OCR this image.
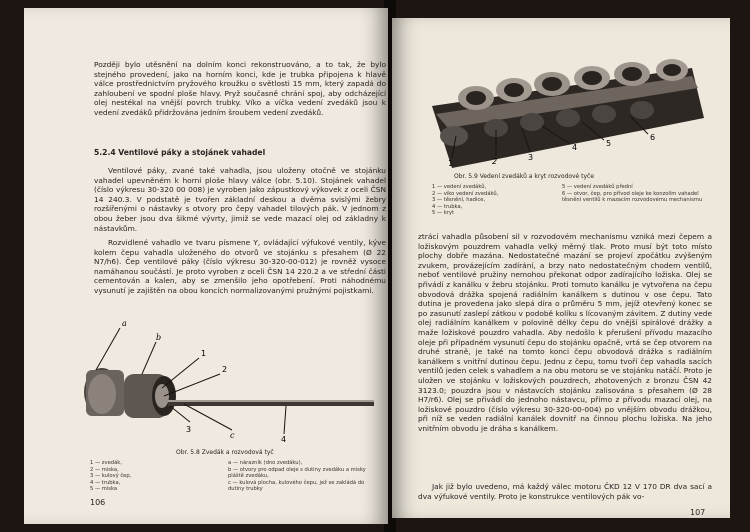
Později bylo utěsnění na dolním konci rekonstruováno, a to tak, že bylo stejného provedení, jako na horním konci, kde je trubka připojena k hlavě válce prostřednictvím pryžového kroužku o světlosti 15 mm, který zapadá do zahloubení ve spodní ploše hlavy. Pryž současně chrání spoj, aby odcházející olej nestékal na vnější povrch trubky. Víko a víčka vedení zvedáků jsou k vedení zvedáků přidržována jedním šroubem vedení zvedáků.
5.2.4 Ventilové páky a stojánek vahadel
Ventilové páky, zvané také vahadla, jsou uloženy otočně ve stojánku vahadel upevněném k horní ploše hlavy válce (obr. 5.10). Stojánek vahadel (číslo výkresu 30-320 00 008) je vyroben jako zápustkový výkovek z oceli ČSN 14 240.3. V podstatě je tvořen základní deskou a dvěma svislými žebry rozšířenými o nástavky s otvory pro čepy vahadel tilových pák. V jednom z obou žeber jsou dva šikmé vývrty, jimiž se vede mazací olej od základny k nástavkům.
Rozvidlené vahadlo ve tvaru písmene Y, ovládající výfukové ventily, kýve kolem čepu vahadla uloženého do otvorů ve stojánku s přesahem (Ø 22 N7/h6). Čep ventilové páky (číslo výkresu 30-320-00-012) je rovněž vysoce namáhanou součástí. Je proto vyroben z oceli ČSN 14 220.2 a ve střední části cementován a kalen, aby se zmenšilo jeho opotřebení. Proti náhodnému vysunutí je zajištěn na obou koncích normalizovanými pružnými pojistkami.
a
b
1
2
3
c	4
Obr. 5.8 Zvedák a rozvodová tyč
1 — zvedák,
2 — miska,
3 — kulový čep,
4 — trubka,
5 — miska
a — nárazník (dno zvedáku),
b — otvory pro odpad oleje s dutiny zvedáku a misky pláště zvedáku,
c — kulová plocha, kulového čepu, jež se zakládá do dutiny trubky
106
1	2	3
4	5
6
Obr. 5.9 Vedení zvedáků a kryt rozvodové tyče
1 — vedení zvedáků,
2 — víko vedení zvedáků,
3 — těsnění, hadice,
4 — trubka,
5 — kryt
5 — vedení zvedáků přední
6 — otvor, čep, pro přívod oleje ke konzolím vahadel
těsnění ventilů k mazacím rozvodovému mechanismu
ztrácí vahadla působení sil v rozvodovém mechanismu vzniká mezi čepem a ložiskovým pouzdrem vahadla velký měrný tlak. Proto musí být toto místo plochy dobře mazána. Nedostatečné mazání se projeví zpočátku zvýšeným zvukem, provázejícím zadírání, a brzy nato nedostatečným chodem ventilů, neboť ventilové pružiny nemohou překonat odpor zadírajícího ložiska. Olej se přivádí z kanálku v žebru stojánku. Proti tomuto kanálku je vytvořena na čepu obvodová drážka spojená radiálním kanálkem s dutinou v ose čepu. Tato dutina je provedena jako slepá díra o průměru 5 mm, jejíž otevřený konec se po zasunutí zaslepí zátkou v podobě kolíku s lícovaným závitem. Z dutiny vede olej radiálním kanálkem v polovině délky čepu do vnější spirálové drážky a maže ložiskové pouzdro vahadla. Aby nedošlo k přerušení přívodu mazacího oleje při případném vysunutí čepu do stojánku opačně, vrtá se čep otvorem na druhé straně, je také na tomto konci čepu obvodová drážka s radiálním kanálkem s vnitřní dutinou čepu. Jednu z čepu, tomu tvoří čep vahadla sacích ventilů jeden celek s vahadlem a na obu motoru se ve stojánku natáčí. Proto je uložen ve stojánku v ložiskových pouzdrech, zhotovených z bronzu ČSN 42 3123.0; pouzdra jsou v nástavcích stojánku zalisována s přesahem (Ø 28 H7/r6). Olej se přivádí do jednoho nástavcu, přímo z přívodu mazací olej, na ložiskové pouzdro (číslo výkresu 30-320-00-004) po vnějším obvodu drážkou, při níž se veden radiální kanálek dovnitř na činnou plochu ložiska. Na jeho vnitřním obvodu je dráha s kanálkem.
Jak již bylo uvedeno, má každý válec motoru ČKD 12 V 170 DR dva sací a dva výfukové ventily. Proto je konstrukce ventilových pák vo-
107
